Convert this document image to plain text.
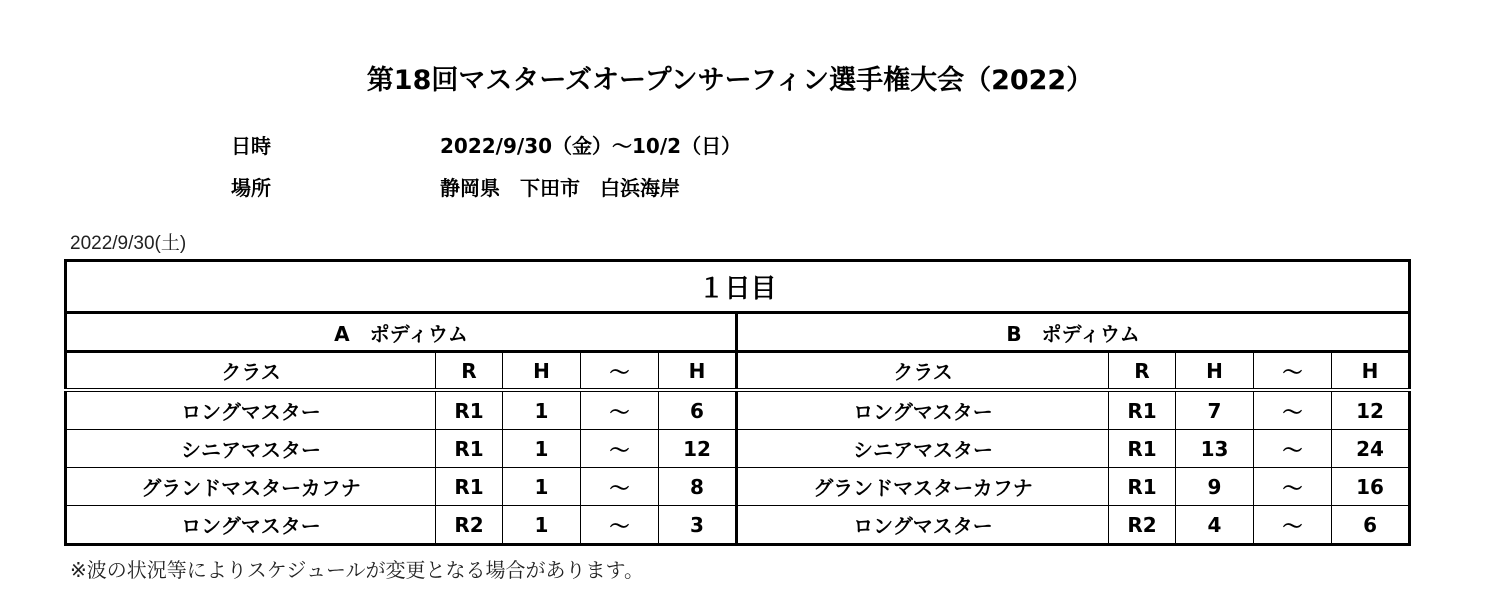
第18回マスターズオープンサーフィン選手権大会（2022）
日時	2022/9/30（金）〜10/2（日）
場所	静岡県　下田市　白浜海岸
2022/9/30(土)
１日目									
A　ポディウム					B　ポディウム				
クラス	R	H	〜	H	クラス	R	H	〜	H
ロングマスター	R1	1	〜	6	ロングマスター	R1	7	〜	12
シニアマスター	R1	1	〜	12	シニアマスター	R1	13	〜	24
グランドマスターカフナ	R1	1	〜	8	グランドマスターカフナ	R1	9	〜	16
ロングマスター	R2	1	〜	3	ロングマスター	R2	4	〜	6
※波の状況等によりスケジュールが変更となる場合があります。
